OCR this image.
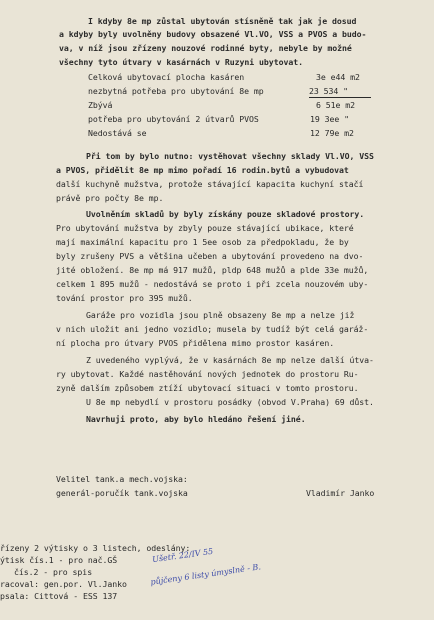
I kdyby 8e mp zůstal ubytován stísněně tak jak je dosud
a kdyby byly uvolněny budovy obsazené Vl.VO, VSS a PVOS a budo-
va, v níž jsou zřízeny nouzové rodinné byty, nebyle by možné
všechny tyto útvary v kasárnách v Ruzyni ubytovat.
Celková ubytovací plocha kasáren	3e e44 m2
nezbytná potřeba pro ubytování 8e mp	23 534 "
Zbývá	6 51e m2
potřeba pro ubytování 2 útvarů PVOS	19 3ee "
Nedostává se	12 79e m2
Při tom by bylo nutno: vystěhovat všechny sklady Vl.VO, VSS
a PVOS, přidělit 8e mp mimo pořadí 16 rodin.bytů a vybudovat
další kuchyně mužstva, protože stávající kapacita kuchyní stačí
právě pro počty 8e mp.
Uvolněním skladů by byly získány pouze skladové prostory.
Pro ubytování mužstva by zbyly pouze stávající ubikace, které
mají maximální kapacitu pro 1 5ee osob za předpokladu, že by
byly zrušeny PVS a většina učeben a ubytování provedeno na dvo-
jité obložení. 8e mp má 917 mužů, pldp 648 mužů a plde 33e mužů,
celkem 1 895 mužů - nedostává se proto i při zcela nouzovém uby-
tování prostor pro 395 mužů.
Garáže pro vozidla jsou plně obsazeny 8e mp a nelze již
v nich uložit ani jedno vozidlo; musela by tudíž být celá garáž-
ní plocha pro útvary PVOS přidělena mimo prostor kasáren.
Z uvedeného vyplývá, že v kasárnách 8e mp nelze další útva-
ry ubytovat. Každé nastěhování nových jednotek do prostoru Ru-
zyně dalším způsobem ztíží ubytovací situaci v tomto prostoru.
U 8e mp nebydlí v prostoru posádky (obvod V.Praha) 69 důst.
Navrhuji proto, aby bylo hledáno řešení jiné.
Velitel tank.a mech.vojska:
generál-poručík tank.vojska	Vladimír Janko
řízeny 2 výtisky o 3 listech, odeslány:
ýtisk čís.1 - pro nač.GŠ
čís.2 - pro spis
racoval: gen.por. Vl.Janko
psala: Cittová - ESS 137
Ušetř. 22/IV 55
půjčeny 6 listy úmyslně - B.
